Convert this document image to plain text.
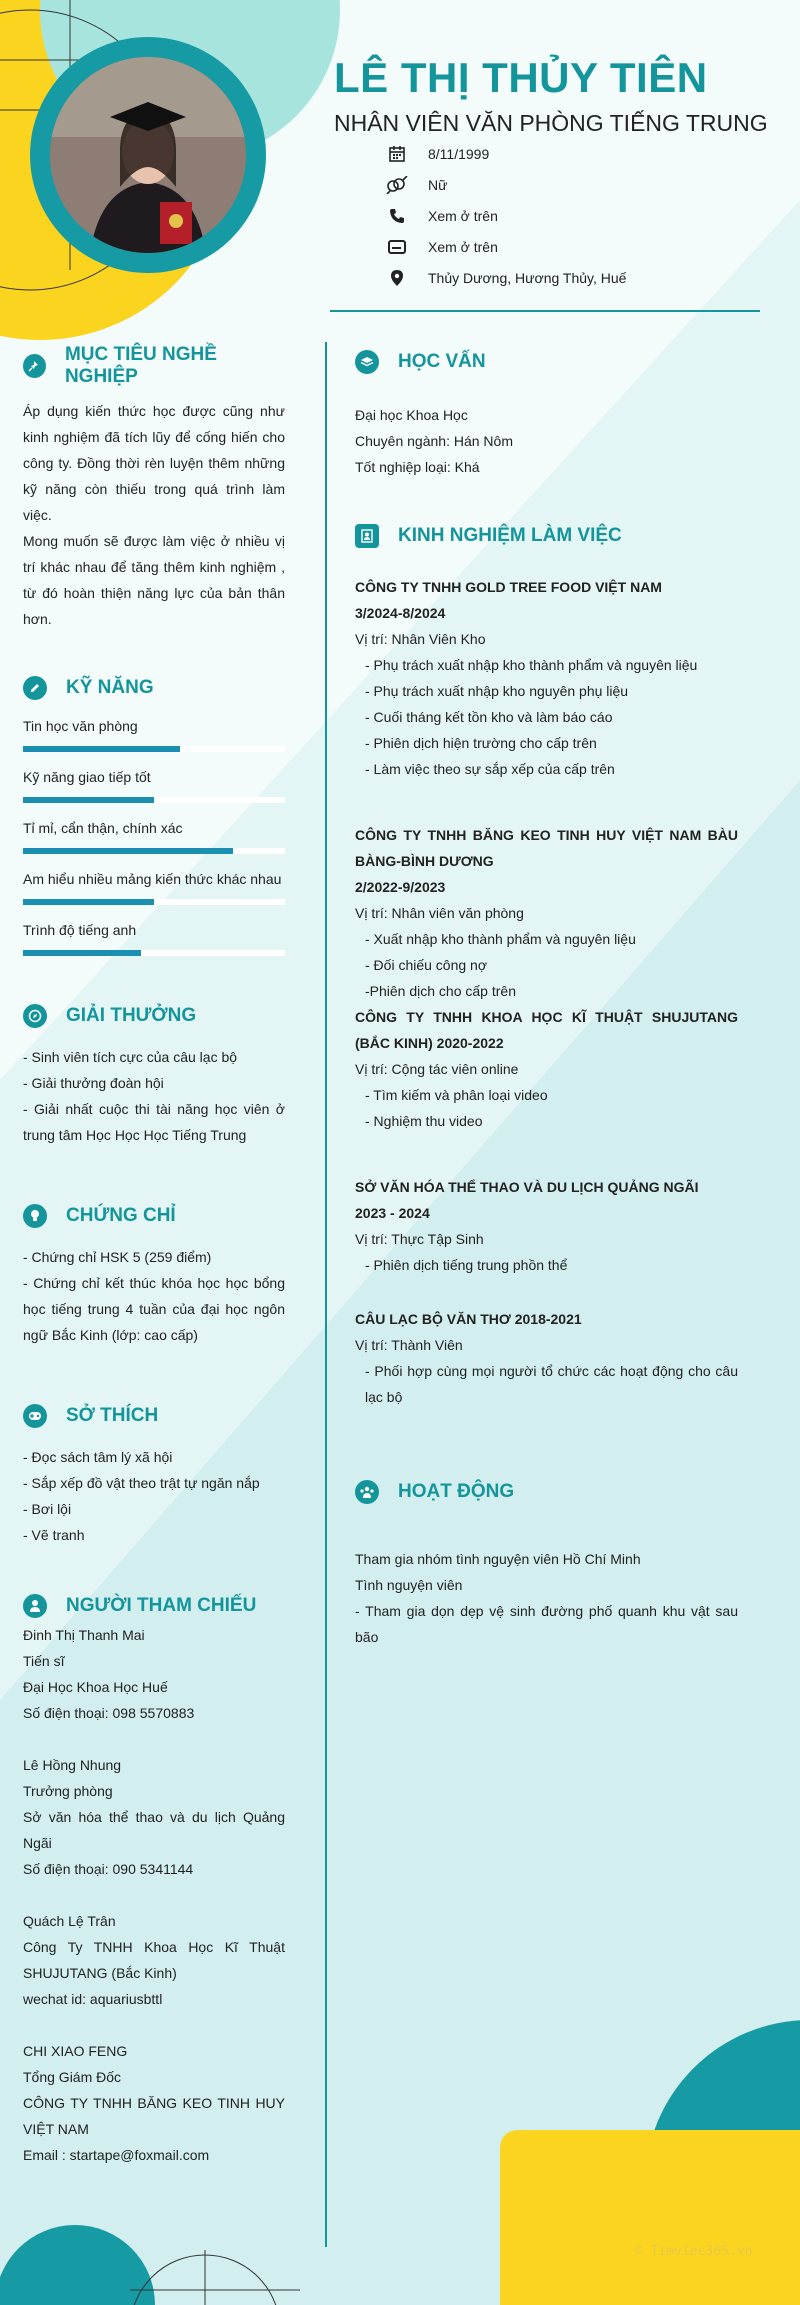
LÊ THỊ THỦY TIÊN
NHÂN VIÊN VĂN PHÒNG TIẾNG TRUNG
8/11/1999
Nữ
Xem ở trên
Xem ở trên
Thủy Dương, Hương Thủy, Huế
MỤC TIÊU NGHỀ NGHIỆP

Áp dụng kiến thức học được cũng như kinh nghiệm đã tích lũy để cống hiến cho công ty. Đồng thời rèn luyện thêm những kỹ năng còn thiếu trong quá trình làm việc.

Mong muốn sẽ được làm việc ở nhiều vị trí khác nhau để tăng thêm kinh nghiệm , từ đó hoàn thiện năng lực của bản thân hơn.

KỸ NĂNG
Tin học văn phòng
Kỹ năng giao tiếp tốt
Tỉ mỉ, cẩn thận, chính xác
Am hiểu nhiều mảng kiến thức khác nhau
Trình độ tiếng anh
GIẢI THƯỞNG
- Sinh viên tích cực của câu lạc bộ
- Giải thưởng đoàn hội

- Giải nhất cuộc thi tài năng học viên ở trung tâm Học Học Học Tiếng Trung

CHỨNG CHỈ
- Chứng chỉ HSK 5 (259 điểm)

- Chứng chỉ kết thúc khóa học học bổng học tiếng trung 4 tuần của đại học ngôn ngữ Bắc Kinh (lớp: cao cấp)

SỞ THÍCH
- Đọc sách tâm lý xã hội
- Sắp xếp đồ vật theo trật tự ngăn nắp
- Bơi lội
- Vẽ tranh
NGƯỜI THAM CHIẾU
Đinh Thị Thanh Mai
Tiến sĩ
Đại Học Khoa Học Huế
Số điện thoại: 098 5570883
Lê Hồng Nhung
Trưởng phòng

Sở văn hóa thể thao và du lịch Quảng Ngãi

Số điện thoại: 090 5341144
Quách Lệ Trân

Công Ty TNHH Khoa Học Kĩ Thuật SHUJUTANG (Bắc Kinh)

wechat id: aquariusbttl
CHI XIAO FENG
Tổng Giám Đốc

CÔNG TY TNHH BĂNG KEO TINH HUY VIỆT NAM

Email : startape@foxmail.com
HỌC VẤN
Đại học Khoa Học
Chuyên ngành: Hán Nôm
Tốt nghiệp loại: Khá
KINH NGHIỆM LÀM VIỆC
CÔNG TY TNHH GOLD TREE FOOD VIỆT NAM
3/2024-8/2024
Vị trí: Nhân Viên Kho
- Phụ trách xuất nhập kho thành phẩm và nguyên liệu
- Phụ trách xuất nhập kho nguyên phụ liệu
- Cuối tháng kết tồn kho và làm báo cáo
- Phiên dịch hiện trường cho cấp trên
- Làm việc theo sự sắp xếp của cấp trên
CÔNG TY TNHH BĂNG KEO TINH HUY VIỆT NAM BÀU BÀNG-BÌNH DƯƠNG
2/2022-9/2023
Vị trí: Nhân viên văn phòng
- Xuất nhập kho thành phẩm và nguyên liệu
- Đối chiếu công nợ
-Phiên dịch cho cấp trên
CÔNG TY TNHH KHOA HỌC KĨ THUẬT SHUJUTANG (BẮC KINH) 2020-2022
Vị trí: Cộng tác viên online
- Tìm kiếm và phân loại video
- Nghiệm thu video
SỞ VĂN HÓA THỂ THAO VÀ DU LỊCH QUẢNG NGÃI
2023 - 2024
Vị trí: Thực Tập Sinh
- Phiên dịch tiếng trung phồn thể
CÂU LẠC BỘ VĂN THƠ 2018-2021
Vị trí: Thành Viên

- Phối hợp cùng mọi người tổ chức các hoạt động cho câu lạc bộ

HOẠT ĐỘNG
Tham gia nhóm tình nguyện viên Hồ Chí Minh
Tình nguyện viên

- Tham gia dọn dẹp vệ sinh đường phố quanh khu vật sau bão

© Timviec365.vn
